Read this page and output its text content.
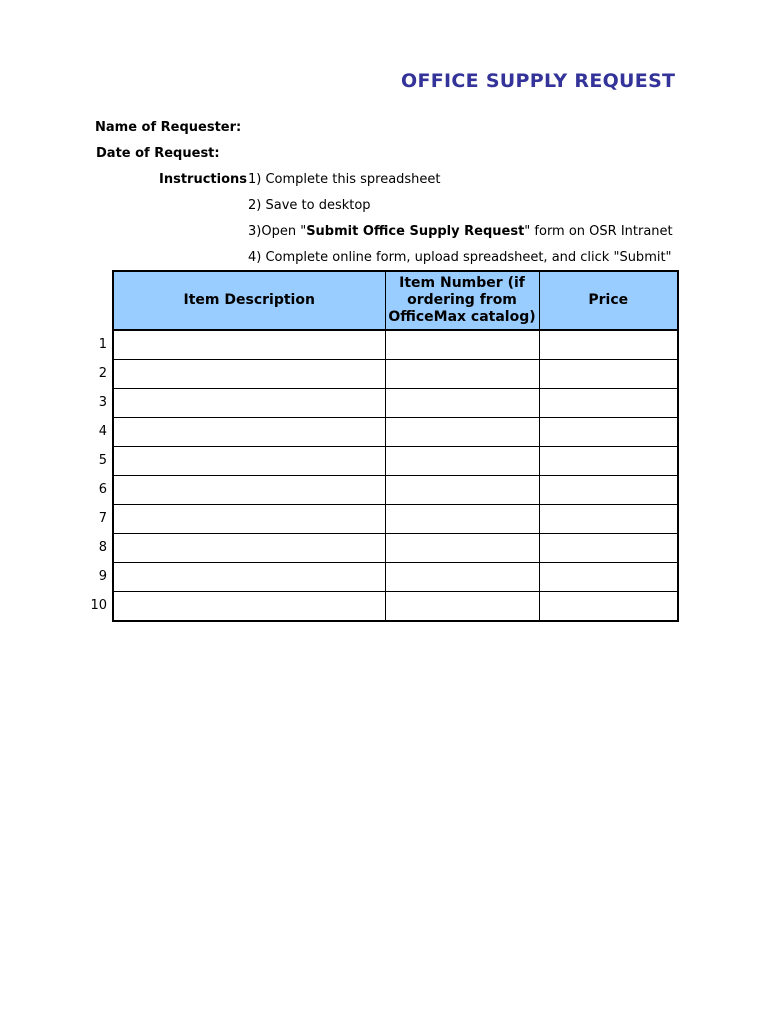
OFFICE SUPPLY REQUEST
Name of Requester:
Date of Request:
Instructions 1) Complete this spreadsheet
2) Save to desktop
3)Open "Submit Office Supply Request" form on OSR Intranet
4) Complete online form, upload spreadsheet, and click "Submit"
Item Description	Item Number (if ordering from OfficeMax catalog)	Price

1
2
3
4
5
6
7
8
9
10
